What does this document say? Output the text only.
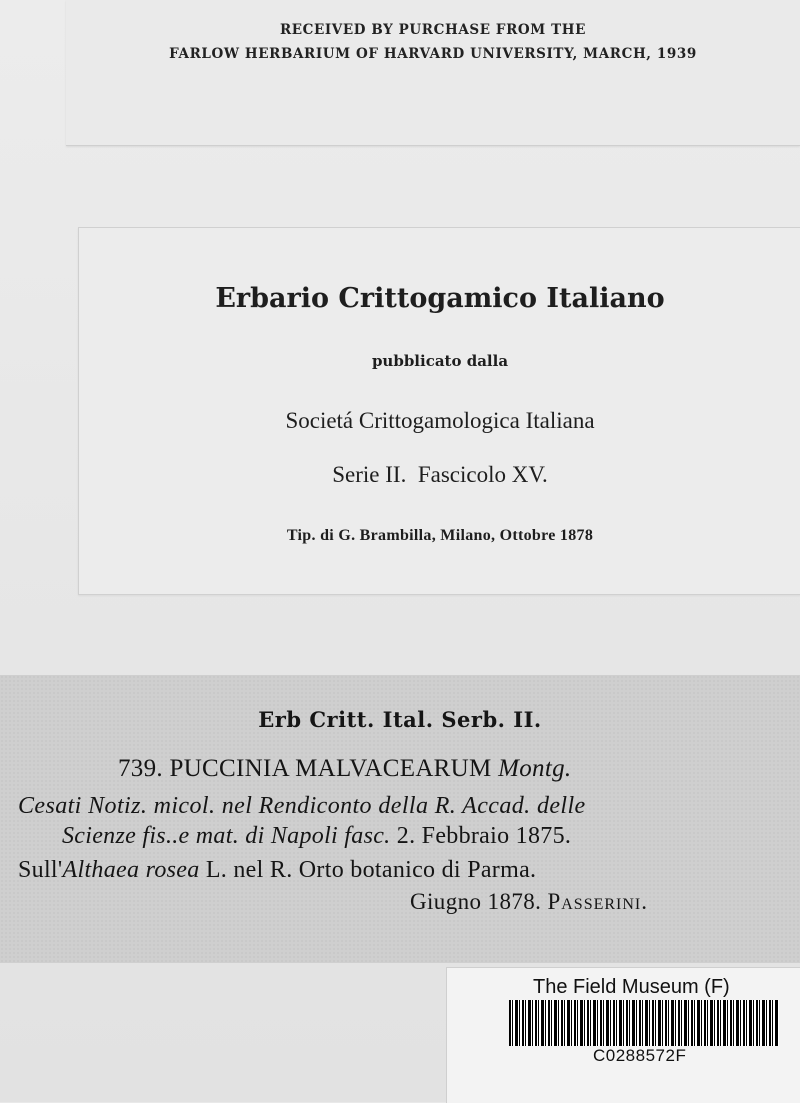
RECEIVED BY PURCHASE FROM THE
FARLOW HERBARIUM OF HARVARD UNIVERSITY, MARCH, 1939
Erbario Crittogamico Italiano
pubblicato dalla
Societá Crittogamologica Italiana
Serie II.  Fascicolo XV.
Tip. di G. Brambilla, Milano, Ottobre 1878
Erb Critt. Ital. Serb. II.
739. PUCCINIA MALVACEARUM Montg.
Cesati Notiz. micol. nel Rendiconto della R. Accad. delle
Scienze fis..e mat. di Napoli fasc. 2. Febbraio 1875.
Sull'Althaea rosea L. nel R. Orto botanico di Parma.
Giugno 1878. Passerini.
The Field Museum (F)
C0288572F
